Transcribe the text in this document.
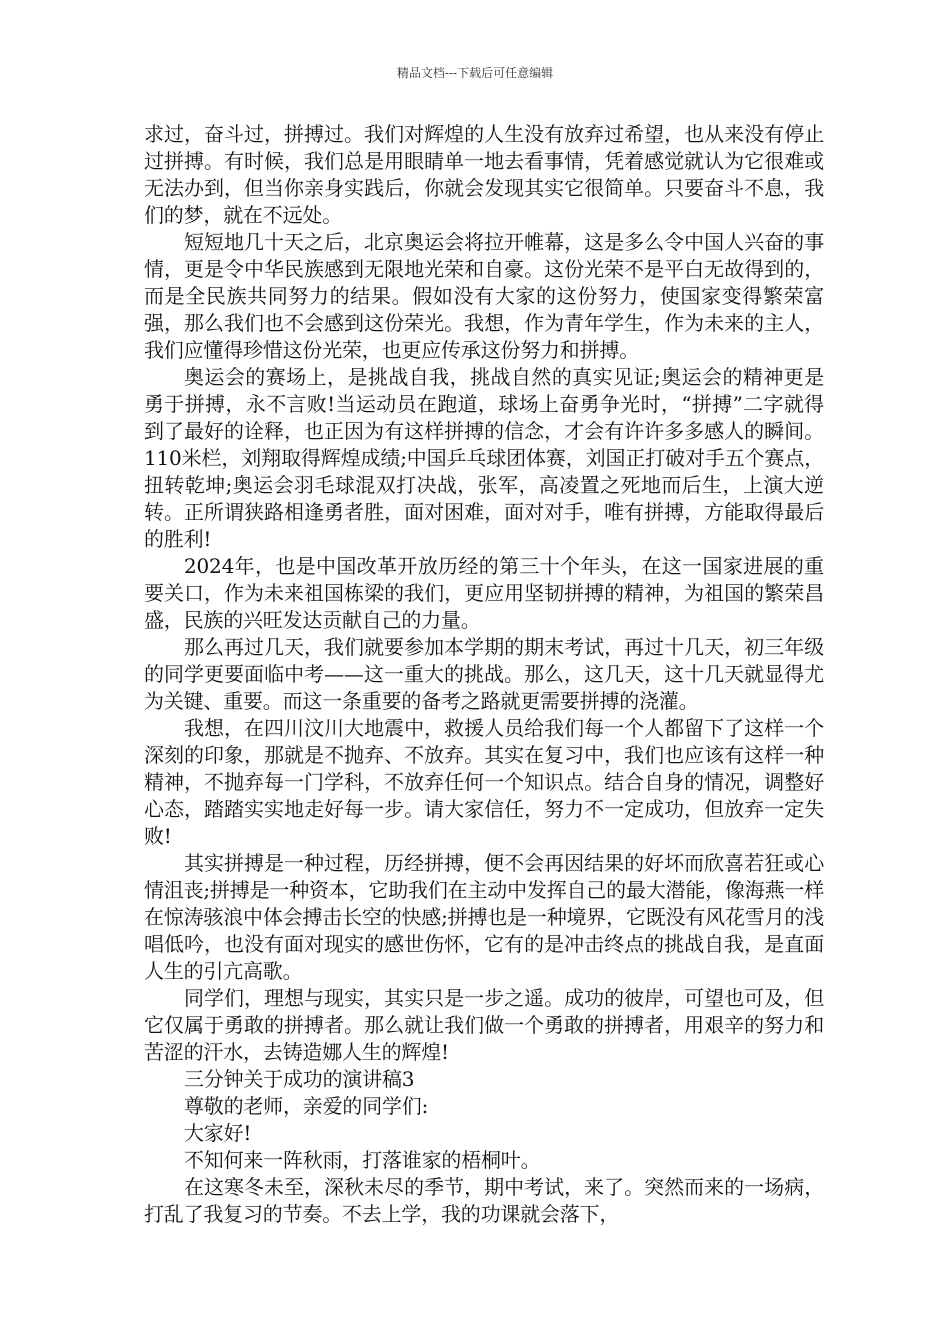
精品文档---下载后可任意编辑

求过，奋斗过，拼搏过。我们对辉煌的人生没有放弃过希望，也从来没有停止过拼搏。有时候，我们总是用眼睛单一地去看事情，凭着感觉就认为它很难或无法办到，但当你亲身实践后，你就会发现其实它很简单。只要奋斗不息，我们的梦，就在不远处。

短短地几十天之后，北京奥运会将拉开帷幕，这是多么令中国人兴奋的事情，更是令中华民族感到无限地光荣和自豪。这份光荣不是平白无故得到的，而是全民族共同努力的结果。假如没有大家的这份努力，使国家变得繁荣富强，那么我们也不会感到这份荣光。我想，作为青年学生，作为未来的主人，我们应懂得珍惜这份光荣，也更应传承这份努力和拼搏。

奥运会的赛场上，是挑战自我，挑战自然的真实见证;奥运会的精神更是勇于拼搏，永不言败!当运动员在跑道，球场上奋勇争光时，“拼搏”二字就得到了最好的诠释，也正因为有这样拼搏的信念，才会有许许多多感人的瞬间。110米栏，刘翔取得辉煌成绩;中国乒乓球团体赛，刘国正打破对手五个赛点，扭转乾坤;奥运会羽毛球混双打决战，张军，高凌置之死地而后生，上演大逆转。正所谓狭路相逢勇者胜，面对困难，面对对手，唯有拼搏，方能取得最后的胜利!

2024年，也是中国改革开放历经的第三十个年头，在这一国家进展的重要关口，作为未来祖国栋梁的我们，更应用坚韧拼搏的精神，为祖国的繁荣昌盛，民族的兴旺发达贡献自己的力量。

那么再过几天，我们就要参加本学期的期末考试，再过十几天，初三年级的同学更要面临中考——这一重大的挑战。那么，这几天，这十几天就显得尤为关键、重要。而这一条重要的备考之路就更需要拼搏的浇灌。

我想，在四川汶川大地震中，救援人员给我们每一个人都留下了这样一个深刻的印象，那就是不抛弃、不放弃。其实在复习中，我们也应该有这样一种精神，不抛弃每一门学科，不放弃任何一个知识点。结合自身的情况，调整好心态，踏踏实实地走好每一步。请大家信任，努力不一定成功，但放弃一定失败!

其实拼搏是一种过程，历经拼搏，便不会再因结果的好坏而欣喜若狂或心情沮丧;拼搏是一种资本，它助我们在主动中发挥自己的最大潜能，像海燕一样在惊涛骇浪中体会搏击长空的快感;拼搏也是一种境界，它既没有风花雪月的浅唱低吟，也没有面对现实的感世伤怀，它有的是冲击终点的挑战自我，是直面人生的引亢高歌。

同学们，理想与现实，其实只是一步之遥。成功的彼岸，可望也可及，但它仅属于勇敢的拼搏者。那么就让我们做一个勇敢的拼搏者，用艰辛的努力和苦涩的汗水，去铸造娜人生的辉煌!

三分钟关于成功的演讲稿3

尊敬的老师，亲爱的同学们:

大家好!

不知何来一阵秋雨，打落谁家的梧桐叶。

在这寒冬未至，深秋未尽的季节，期中考试，来了。突然而来的一场病，打乱了我复习的节奏。不去上学，我的功课就会落下，
